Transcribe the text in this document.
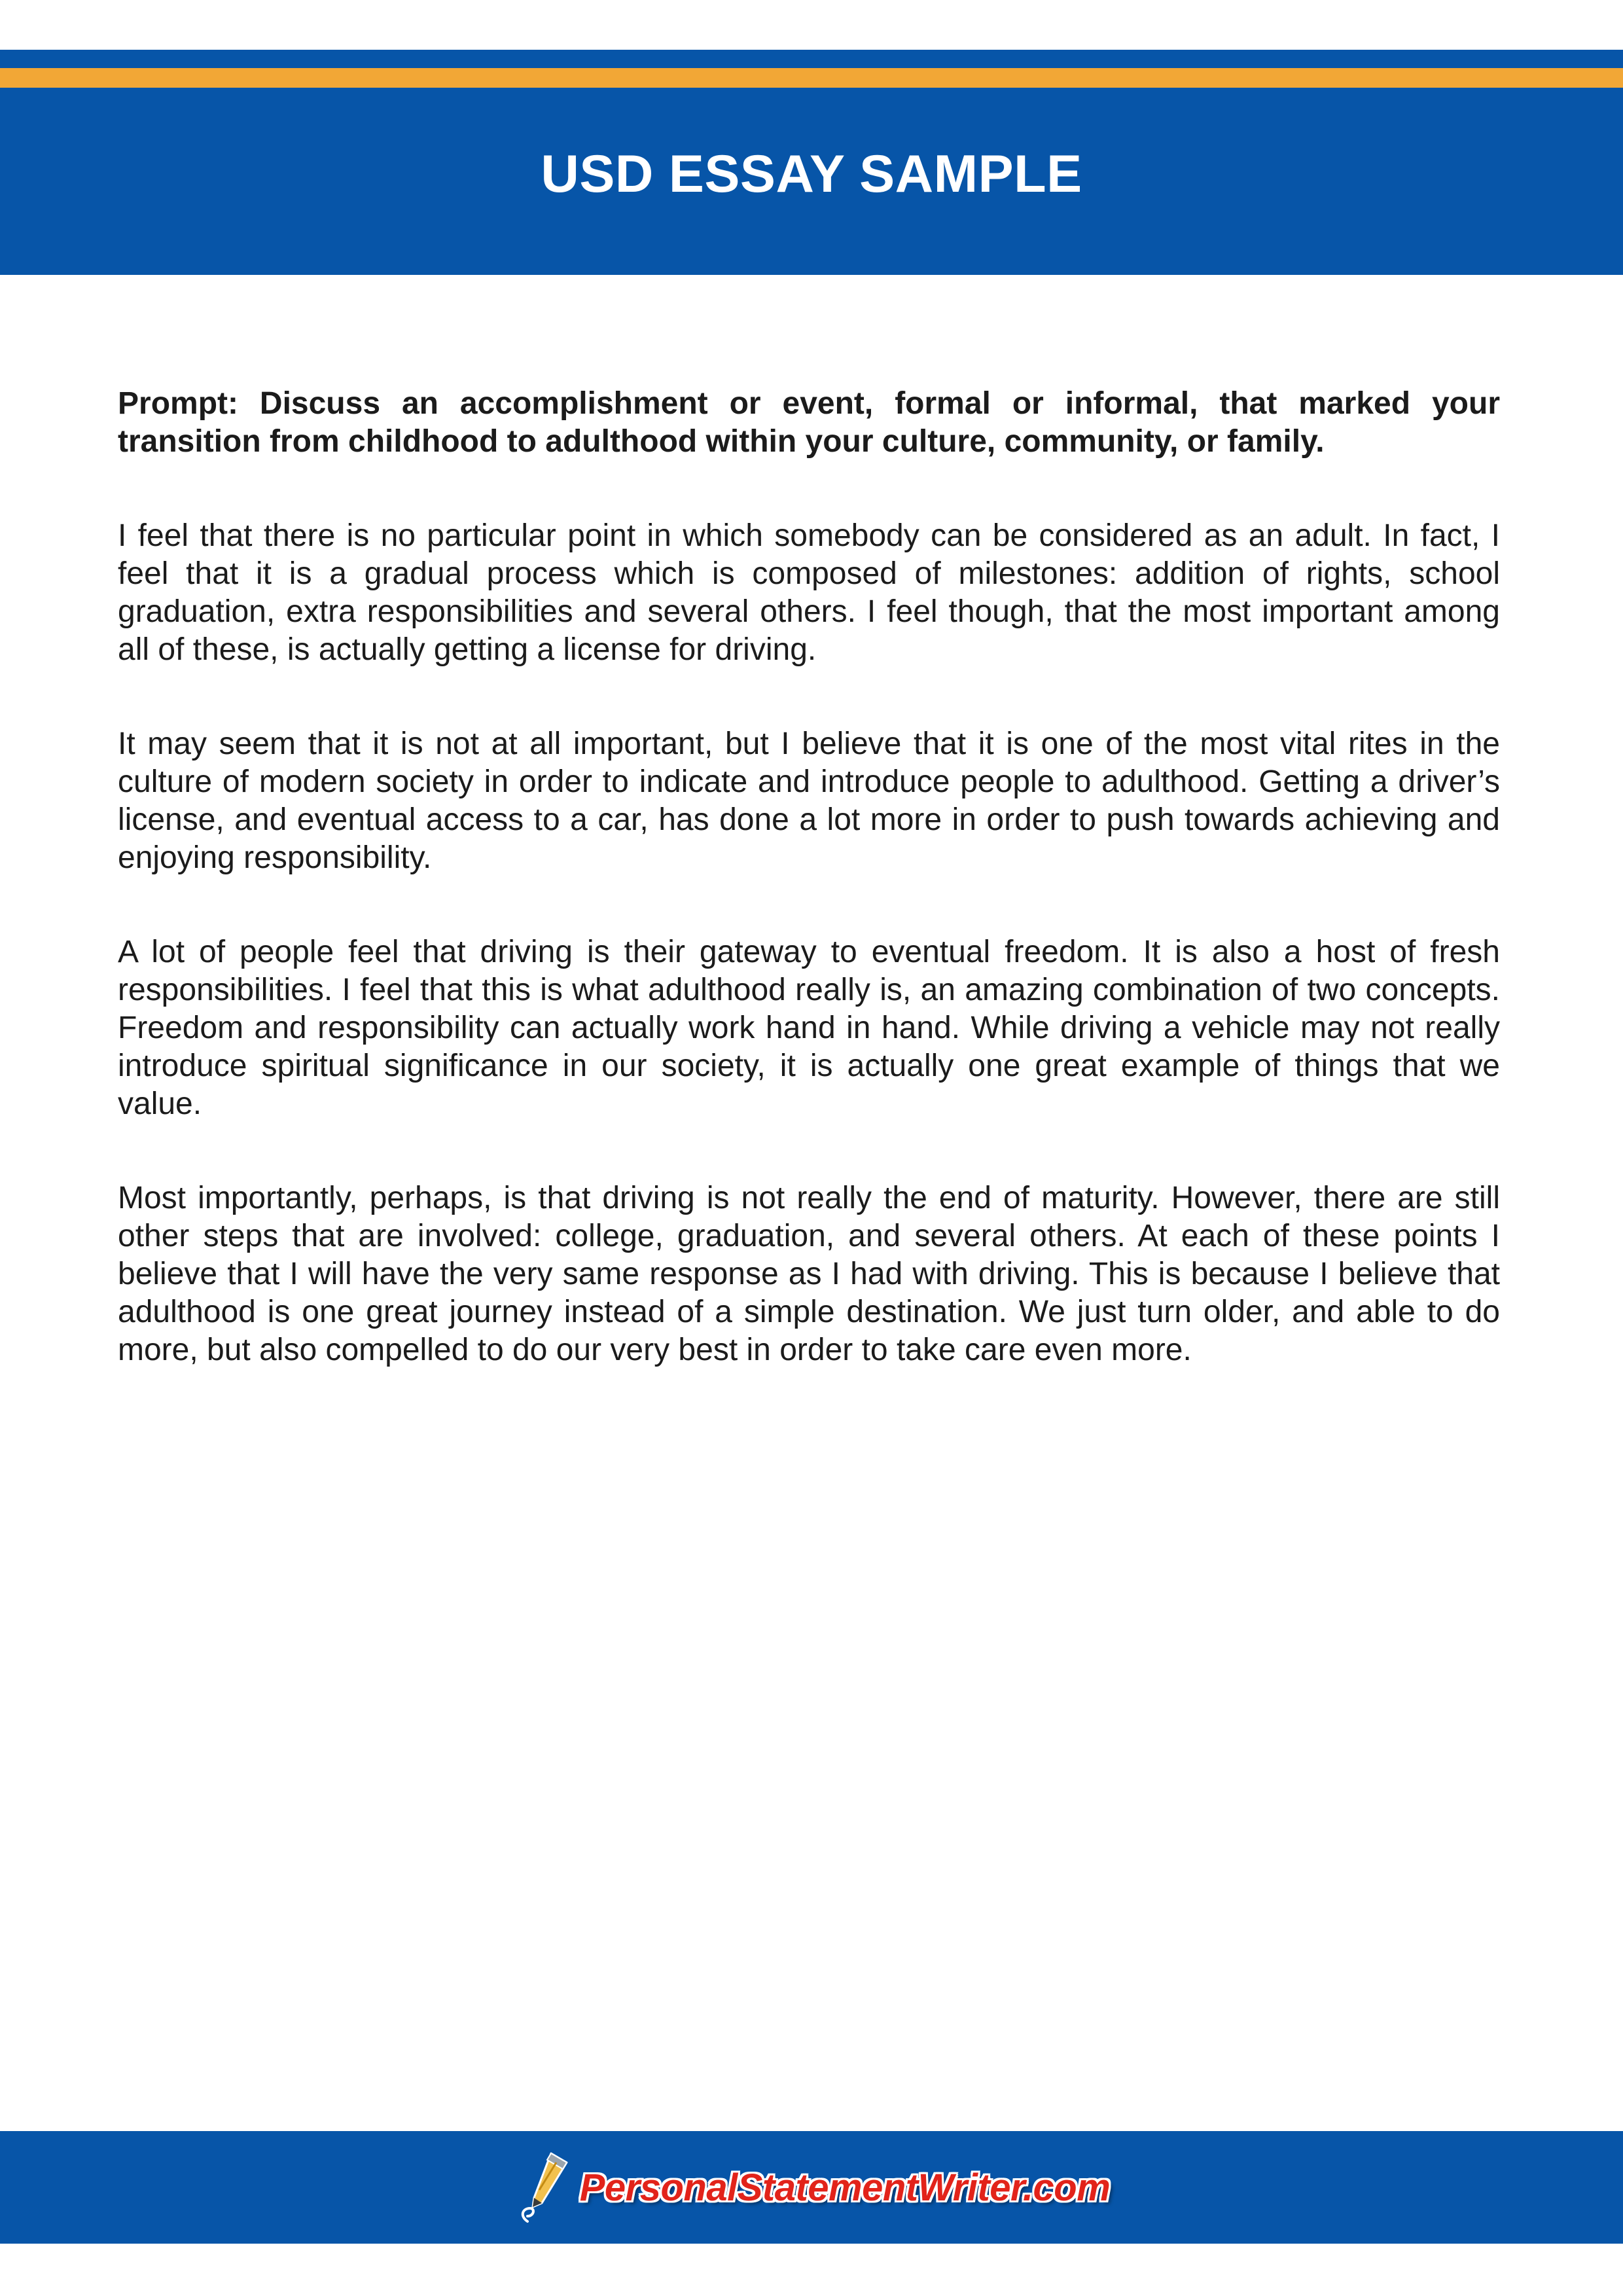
USD ESSAY SAMPLE

Prompt: Discuss an accomplishment or event, formal or informal, that marked your transition from childhood to adulthood within your culture, community, or family.

I feel that there is no particular point in which somebody can be considered as an adult. In fact, I feel that it is a gradual process which is composed of milestones: addition of rights, school graduation, extra responsibilities and several others. I feel though, that the most important among all of these, is actually getting a license for driving.

It may seem that it is not at all important, but I believe that it is one of the most vital rites in the culture of modern society in order to indicate and introduce people to adulthood. Getting a driver’s license, and eventual access to a car, has done a lot more in order to push towards achieving and enjoying responsibility.

A lot of people feel that driving is their gateway to eventual freedom. It is also a host of fresh responsibilities. I feel that this is what adulthood really is, an amazing combination of two concepts. Freedom and responsibility can actually work hand in hand. While driving a vehicle may not really introduce spiritual significance in our society, it is actually one great example of things that we value.

Most importantly, perhaps, is that driving is not really the end of maturity. However, there are still other steps that are involved: college, graduation, and several others. At each of these points I believe that I will have the very same response as I had with driving. This is because I believe that adulthood is one great journey instead of a simple destination. We just turn older, and able to do more, but also compelled to do our very best in order to take care even more.

PersonalStatementWriter.com
